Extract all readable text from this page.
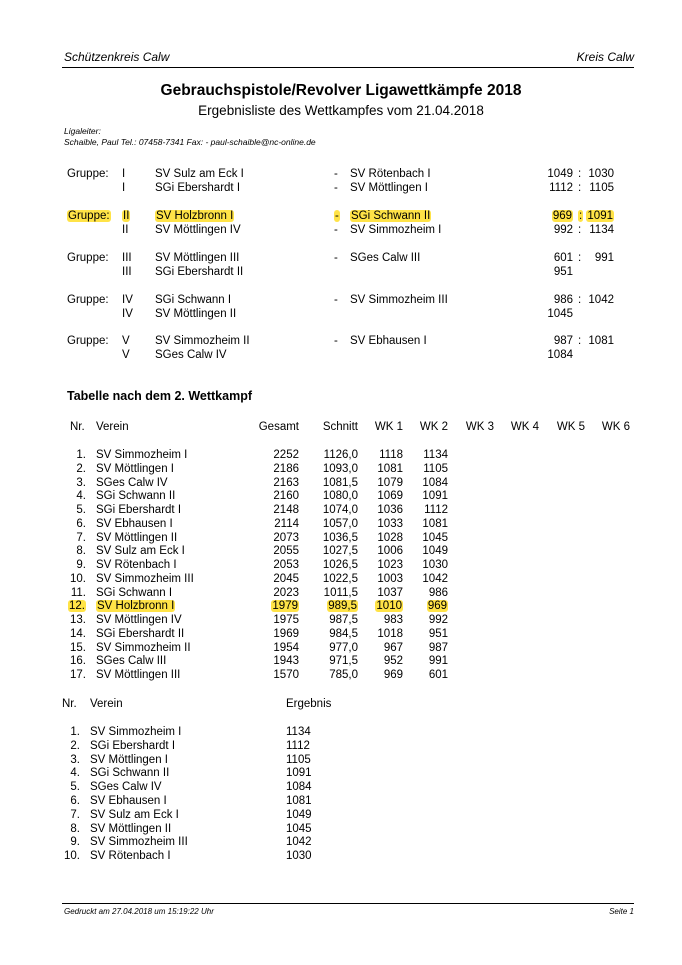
Schützenkreis Calw	Kreis Calw
Gebrauchspistole/Revolver Ligawettkämpfe 2018
Ergebnisliste des Wettkampfes vom 21.04.2018
Ligaleiter:
Schaible, Paul Tel.: 07458-7341 Fax: - paul-schaible@nc-online.de
Gruppe: I	SV Sulz am Eck I	- SV Rötenbach I	1049 : 1030
I	SGi Ebershardt I	- SV Möttlingen I	1112 : 1105
Gruppe: II SV Holzbronn I	- SGi Schwann II	969 : 1091
II SV Möttlingen IV	- SV Simmozheim I	992 : 1134
Gruppe: III SV Möttlingen III	- SGes Calw III	601 :	991
III SGi Ebershardt II	951
Gruppe: IV SGi Schwann I	- SV Simmozheim III	986 : 1042
IV SV Möttlingen II	1045
Gruppe: V SV Simmozheim II	- SV Ebhausen I	987 : 1081
V SGes Calw IV	1084
Tabelle nach dem 2. Wettkampf
Nr. Verein	Gesamt	Schnitt	WK 1	WK 2	WK 3	WK 4	WK 5	WK 6
1. SV Simmozheim I	2252	1126,0	1118	1134
2. SV Möttlingen I	2186	1093,0	1081	1105
3. SGes Calw IV	2163	1081,5	1079	1084
4. SGi Schwann II	2160	1080,0	1069	1091
5. SGi Ebershardt I	2148	1074,0	1036	1112
6. SV Ebhausen I	2114	1057,0	1033	1081
7. SV Möttlingen II	2073	1036,5	1028	1045
8. SV Sulz am Eck I	2055	1027,5	1006	1049
9. SV Rötenbach I	2053	1026,5	1023	1030
10. SV Simmozheim III	2045	1022,5	1003	1042
11. SGi Schwann I	2023	1011,5	1037	986
12. SV Holzbronn I	1979	989,5	1010	969
13. SV Möttlingen IV	1975	987,5	983	992
14. SGi Ebershardt II	1969	984,5	1018	951
15. SV Simmozheim II	1954	977,0	967	987
16. SGes Calw III	1943	971,5	952	991
17. SV Möttlingen III	1570	785,0	969	601
Nr. Verein	Ergebnis
1. SV Simmozheim I	1134
2. SGi Ebershardt I	1112
3. SV Möttlingen I	1105
4. SGi Schwann II	1091
5. SGes Calw IV	1084
6. SV Ebhausen I	1081
7. SV Sulz am Eck I	1049
8. SV Möttlingen II	1045
9. SV Simmozheim III	1042
10. SV Rötenbach I	1030
Gedruckt am 27.04.2018 um 15:19:22 Uhr	Seite 1
